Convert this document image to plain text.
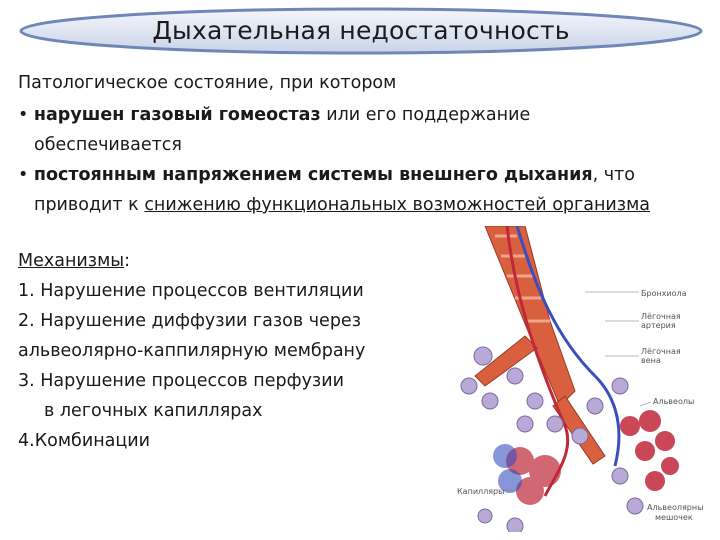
Дыхательная недостаточность
Патологическое состояние, при котором
• нарушен газовый гомеостаз или его поддержание
обеспечивается
• постоянным напряжением системы внешнего дыхания, что
приводит к снижению функциональных возможностей организма
Механизмы:
1. Нарушение процессов вентиляции
2. Нарушение диффузии газов через
альвеолярно-каппилярную мембрану
3. Нарушение процессов перфузии
в легочных капиллярах
4.Комбинации
Бронхиола
Лёгочная
артерия
Лёгочная
вена
Альвеолы
Капилляры
Альвеолярный
мешочек
